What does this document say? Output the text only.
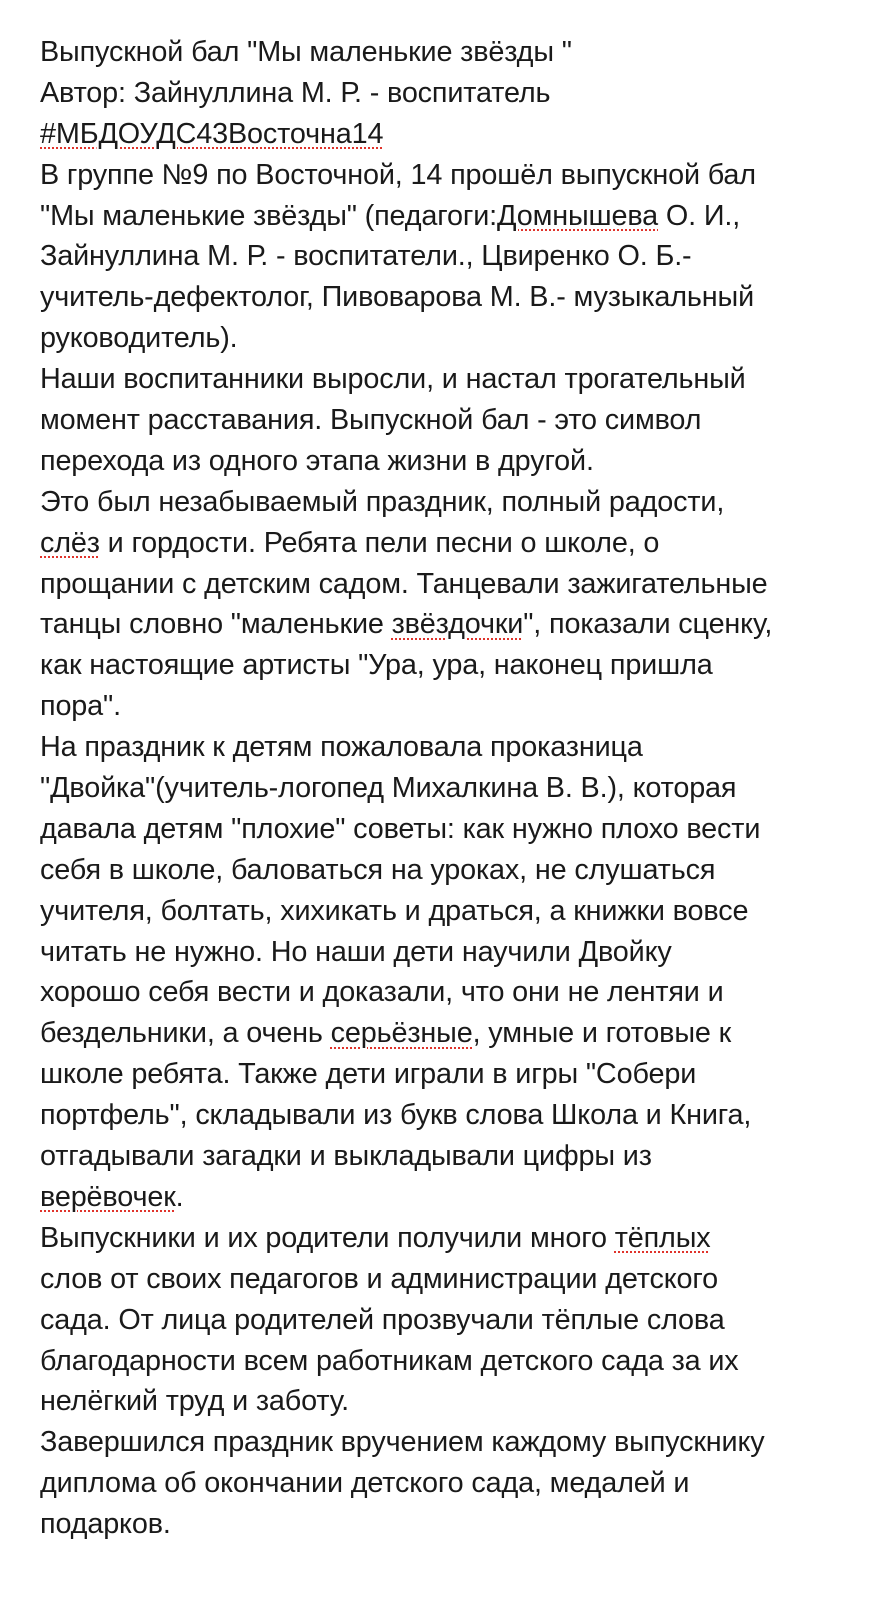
Выпускной бал "Мы маленькие звёзды "
Автор: Зайнуллина М. Р. - воспитатель
#МБДОУДС43Восточна14
В группе №9 по Восточной, 14 прошёл выпускной бал
"Мы маленькие звёзды" (педагоги:Домнышева О. И.,
Зайнуллина М. Р. - воспитатели., Цвиренко О. Б.-
учитель-дефектолог, Пивоварова М. В.- музыкальный
руководитель).
Наши воспитанники выросли, и настал трогательный
момент расставания. Выпускной бал - это символ
перехода из одного этапа жизни в другой.
Это был незабываемый праздник, полный радости,
слёз и гордости. Ребята пели песни о школе, о
прощании с детским садом. Танцевали зажигательные
танцы словно "маленькие звёздочки", показали сценку,
как настоящие артисты "Ура, ура, наконец пришла
пора".
На праздник к детям пожаловала проказница
"Двойка"(учитель-логопед Михалкина В. В.), которая
давала детям "плохие" советы: как нужно плохо вести
себя в школе, баловаться на уроках, не слушаться
учителя, болтать, хихикать и драться, а книжки вовсе
читать не нужно. Но наши дети научили Двойку
хорошо себя вести и доказали, что они не лентяи и
бездельники, а очень серьёзные, умные и готовые к
школе ребята. Также дети играли в игры "Собери
портфель", складывали из букв слова Школа и Книга,
отгадывали загадки и выкладывали цифры из
верёвочек.
Выпускники и их родители получили много тёплых
слов от своих педагогов и администрации детского
сада. От лица родителей прозвучали тёплые слова
благодарности всем работникам детского сада за их
нелёгкий труд и заботу.
Завершился праздник вручением каждому выпускнику
диплома об окончании детского сада, медалей и
подарков.
